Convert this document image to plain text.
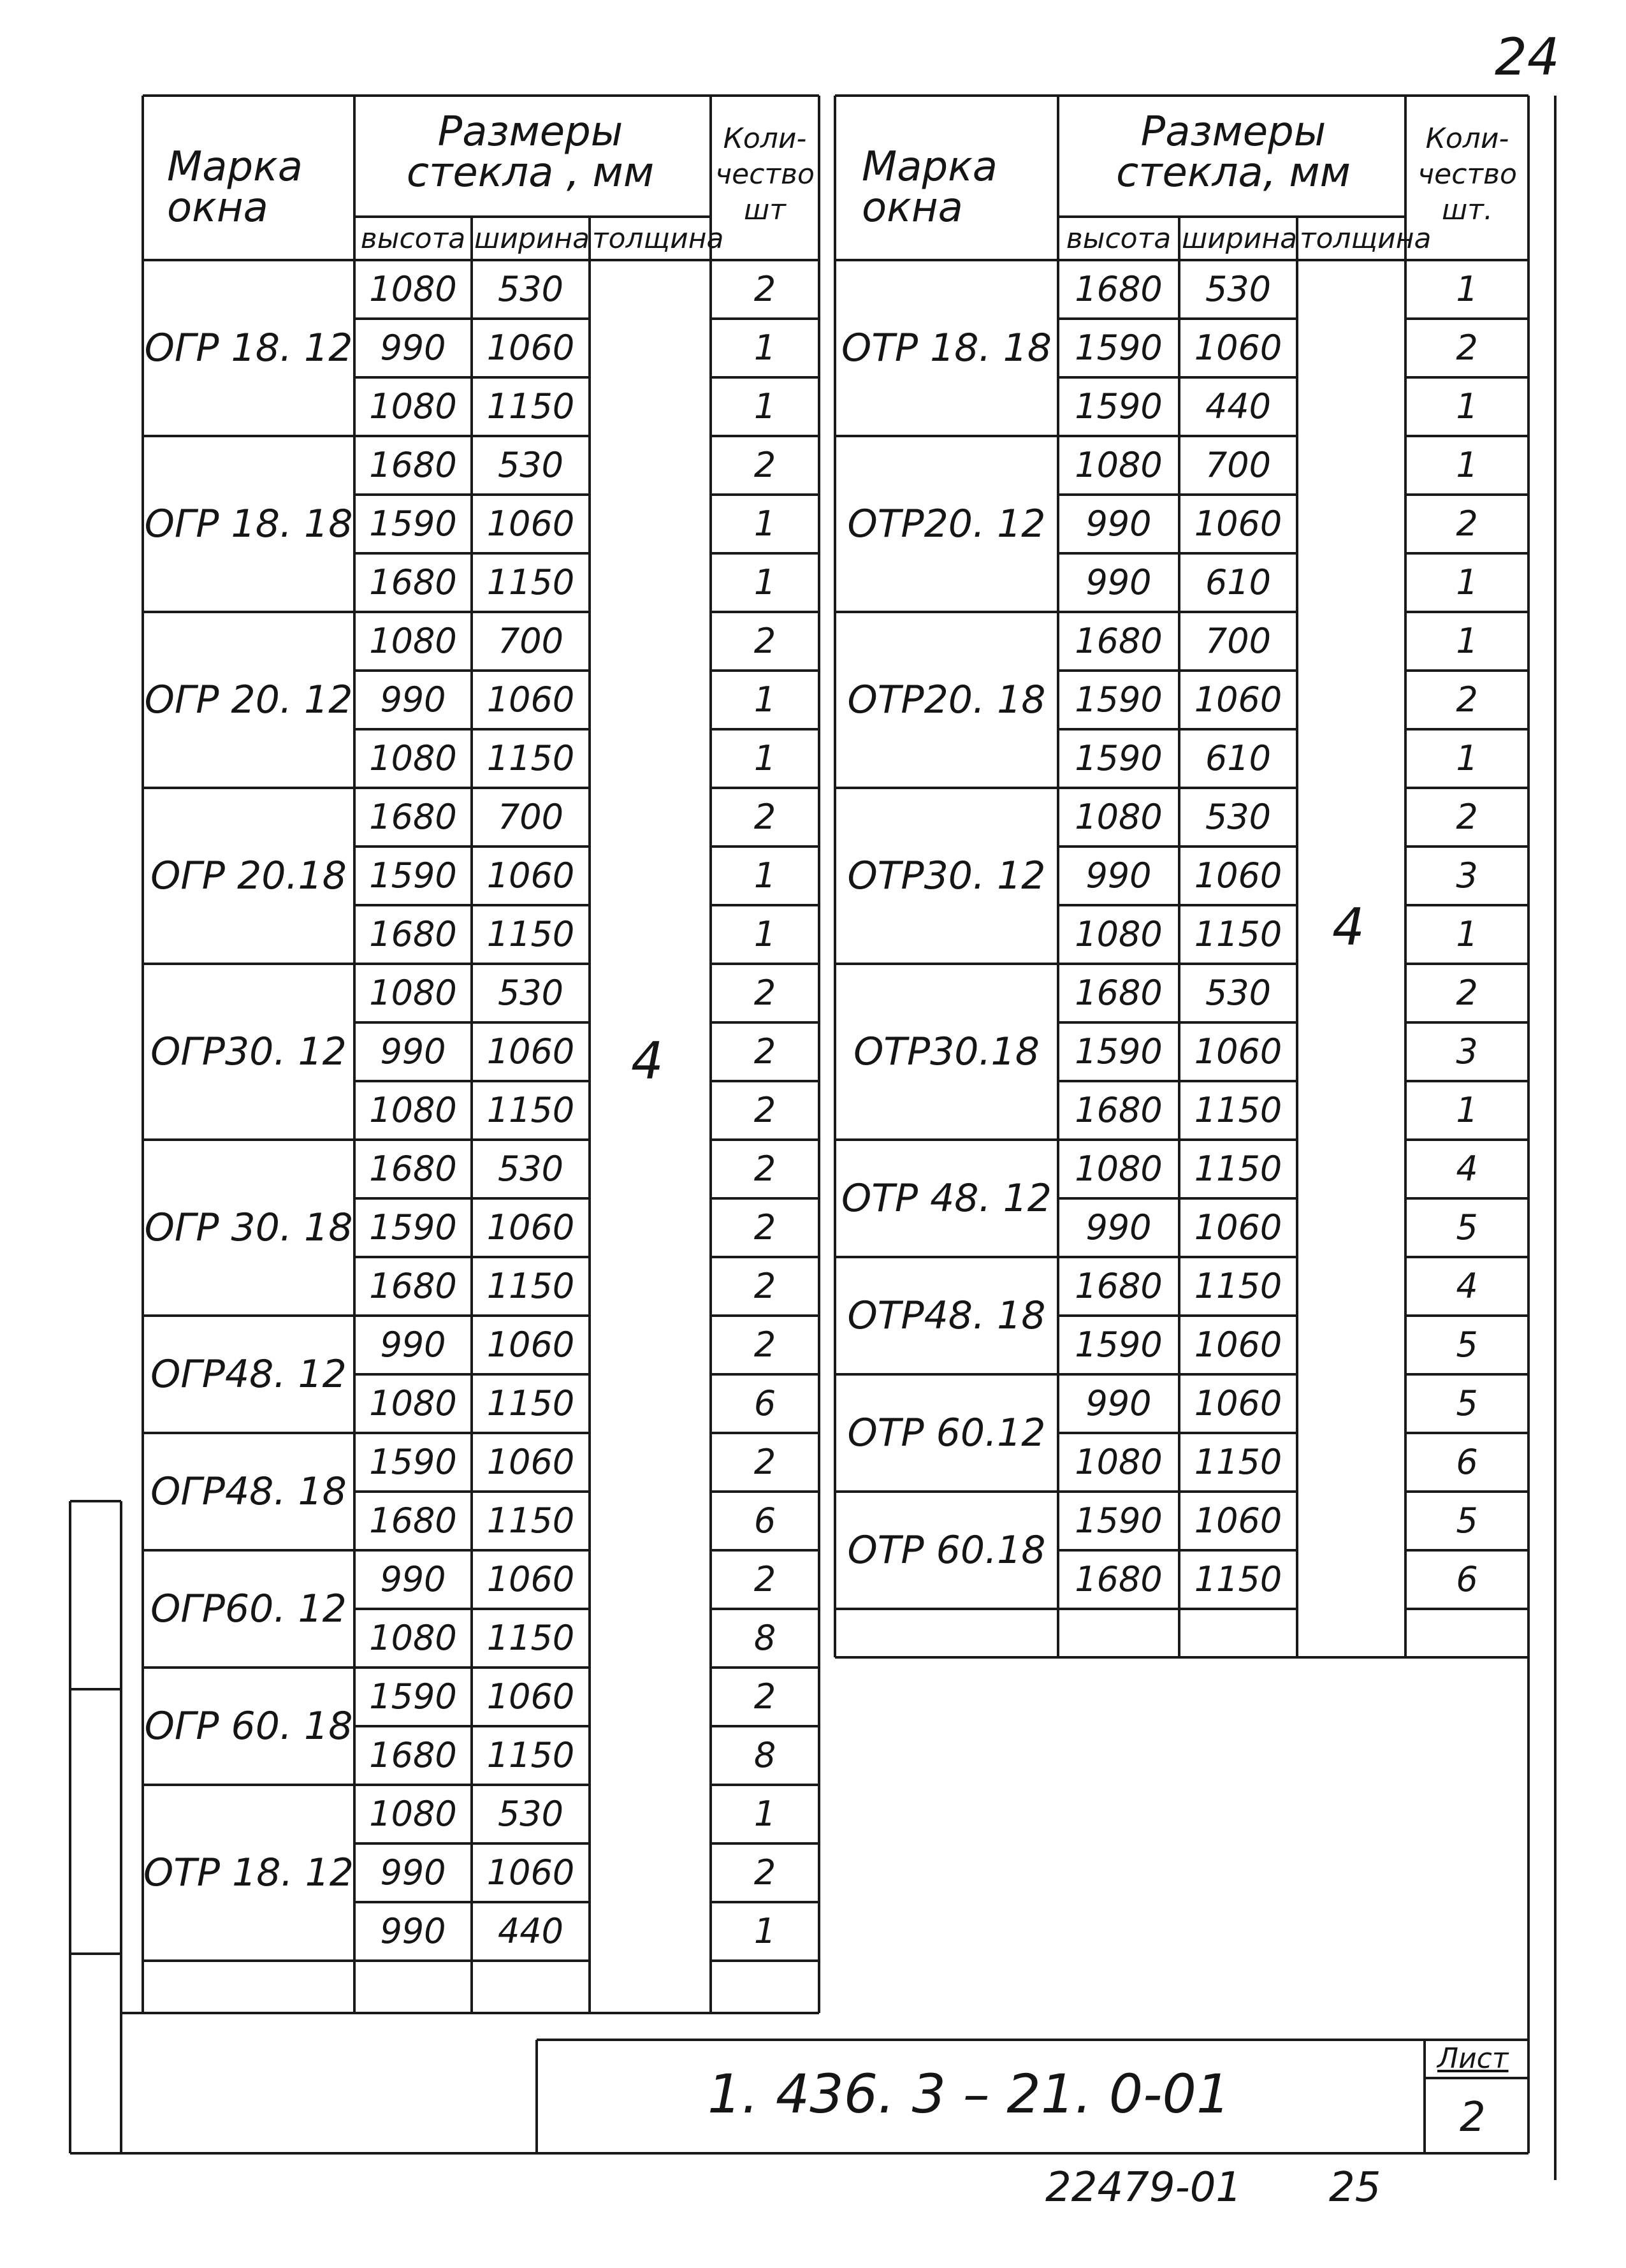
24
Марка окна
Размеры стекла , мм
высота ширина толщина
Коли-чество шт
Марка окна
Размеры стекла, мм
высота ширина толщина
Коли-чество шт.
4
4
ОГР 18. 12
1080	530	2
990	1060	1
1080 1150	1
ОГР 18. 18
1680	530	2
1590 1060	1
1680 1150	1
ОГР 20. 12
1080	700	2
990	1060	1
1080 1150	1
ОГР 20.18
1680	700	2
1590 1060	1
1680 1150	1
ОГР30. 12
1080	530	2
990	1060	2
1080 1150	2
ОГР 30. 18
1680	530	2
1590 1060	2
1680 1150	2
ОГР48. 12
990	1060	2
1080 1150	6
ОГР48. 18
1590 1060	2
1680 1150	6
ОГР60. 12
990	1060	2
1080 1150	8
ОГР 60. 18
1590 1060	2
1680 1150	8
ОТР 18. 12
1080	530	1
990	1060	2
990	440	1
ОТР 18. 18
1680	530	1
1590 1060	2
1590	440	1
ОТР20. 12
1080	700	1
990	1060	2
990	610	1
ОТР20. 18
1680	700	1
1590 1060	2
1590	610	1
ОТР30. 12
1080	530	2
990	1060	3
1080 1150	1
ОТР30.18
1680	530	2
1590 1060	3
1680 1150	1
ОТР 48. 12
1080 1150	4
990	1060	5
ОТР48. 18
1680 1150	4
1590 1060	5
ОТР 60.12
990	1060	5
1080 1150	6
ОТР 60.18
1590 1060	5
1680 1150	6
1. 436. 3 – 21. 0-01
Лист
2
22479-01 25
